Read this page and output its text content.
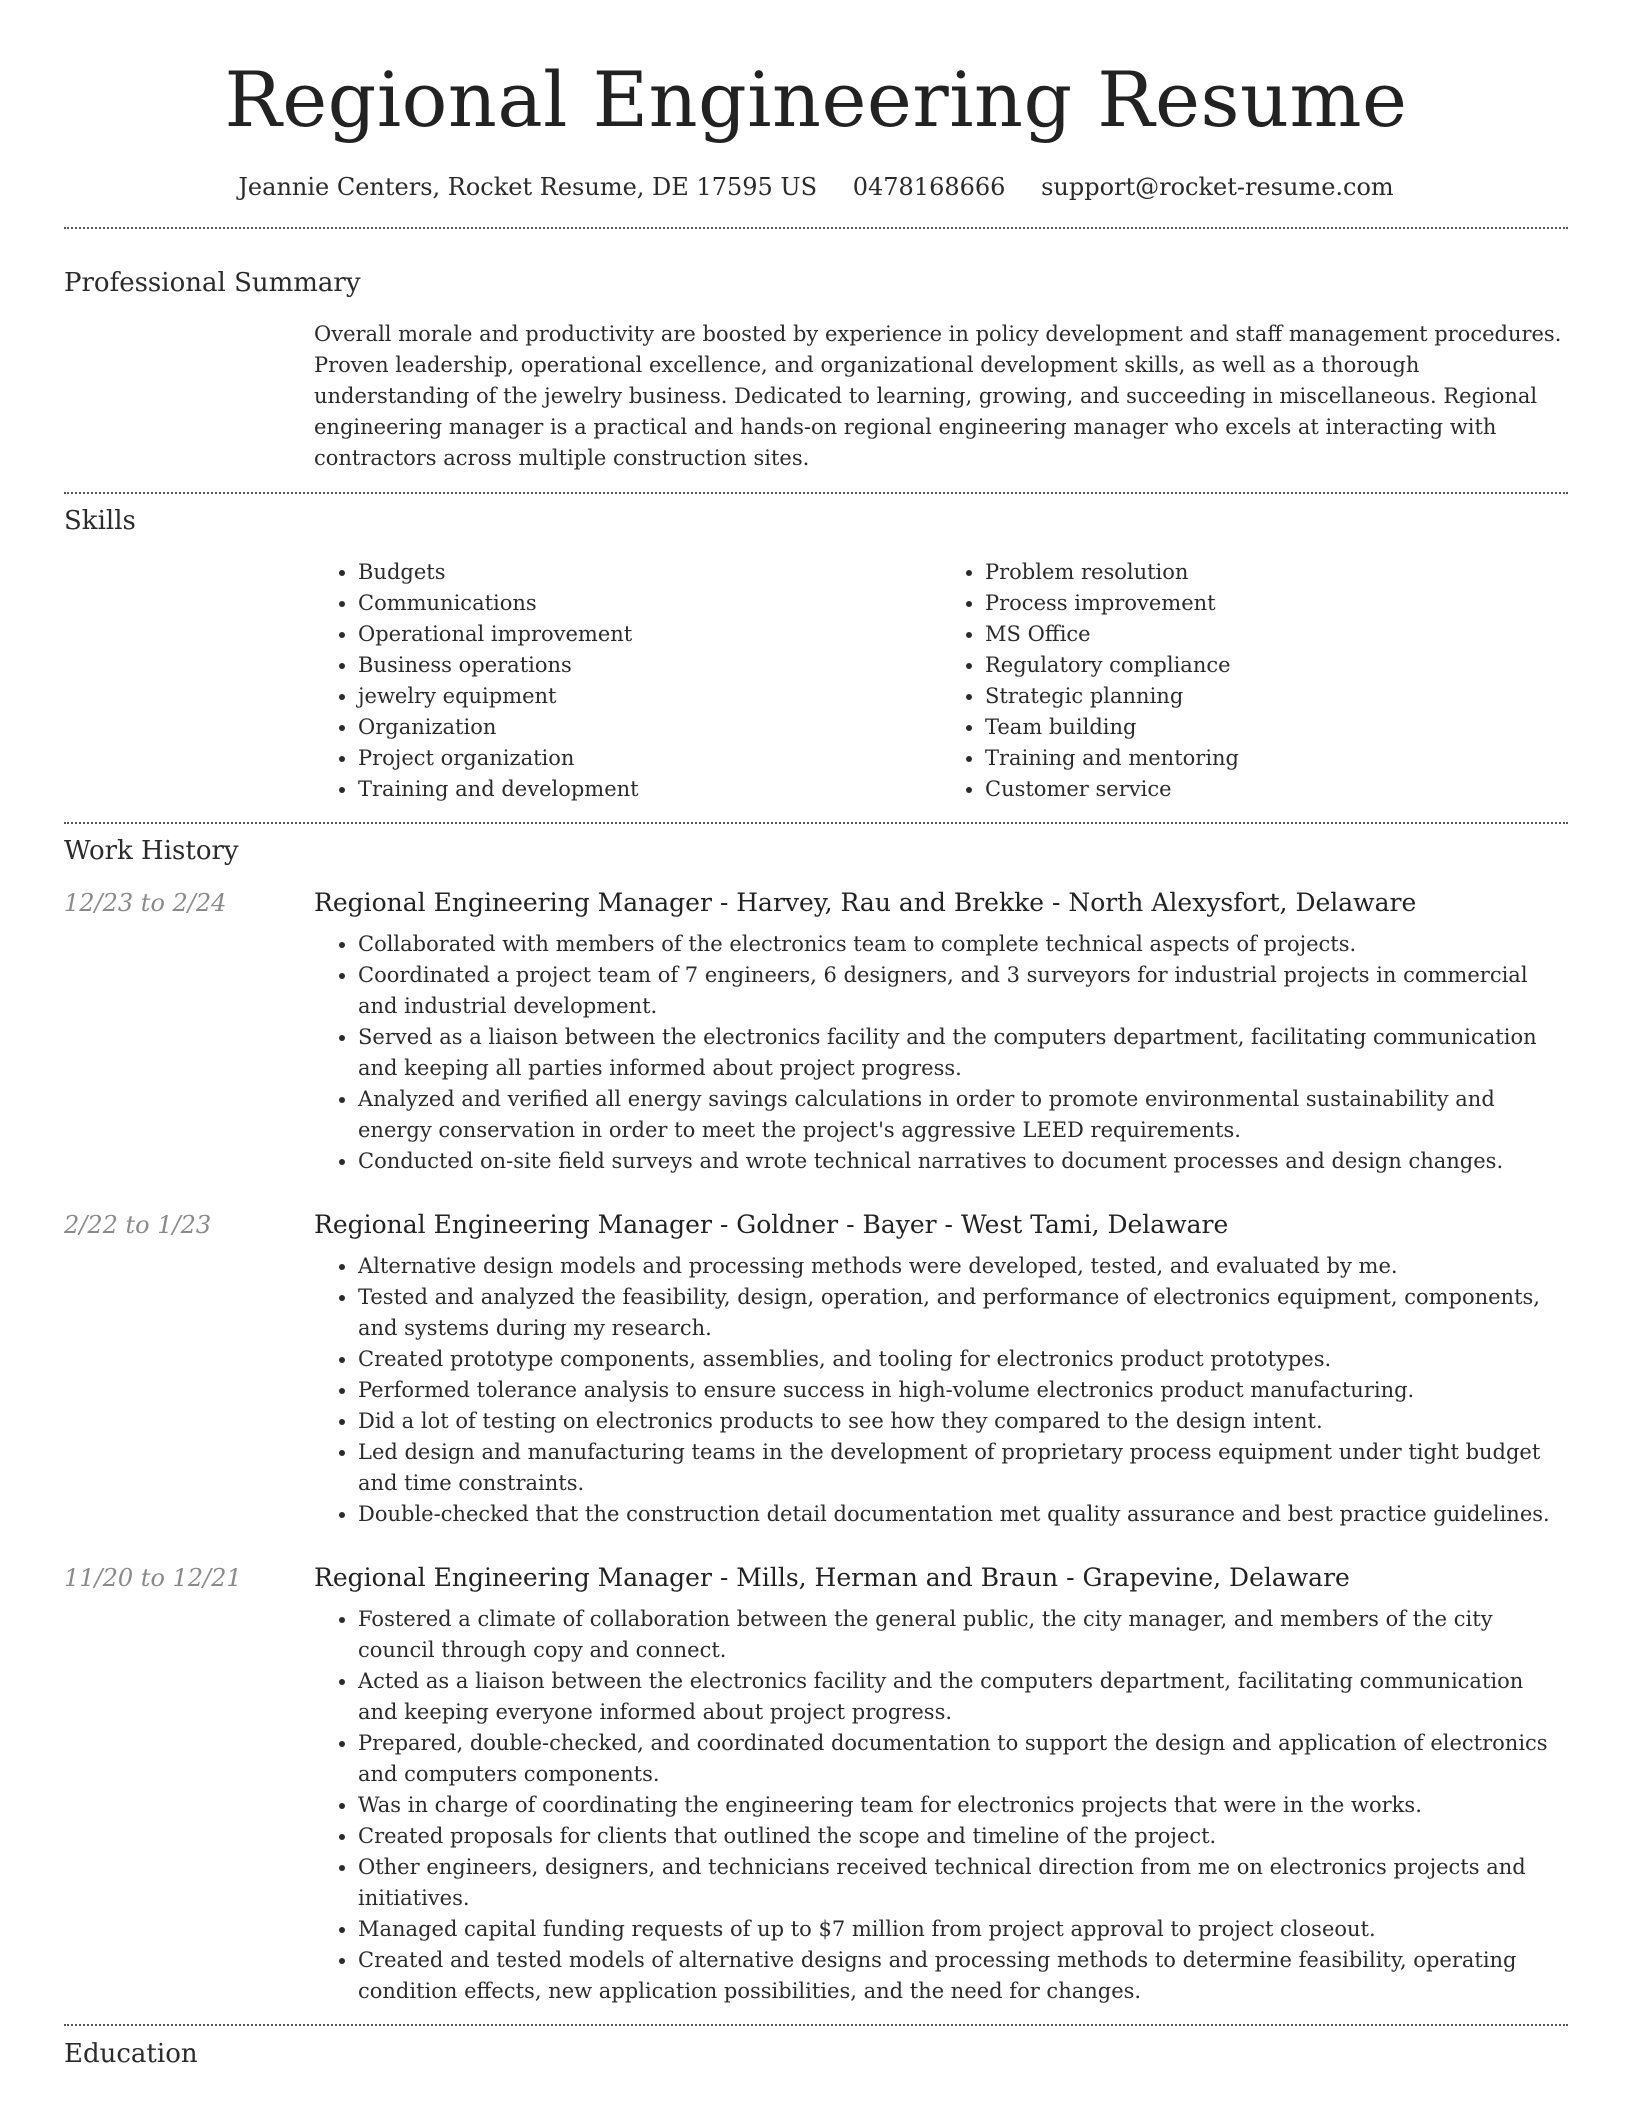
Regional Engineering Resume
Jeannie Centers, Rocket Resume, DE 17595 US 0478168666 support@rocket-resume.com
Professional Summary

Overall morale and productivity are boosted by experience in policy development and staff management procedures. Proven leadership, operational excellence, and organizational development skills, as well as a thorough understanding of the jewelry business. Dedicated to learning, growing, and succeeding in miscellaneous. Regional engineering manager is a practical and hands-on regional engineering manager who excels at interacting with contractors across multiple construction sites.

Skills
• Budgets
• Communications
• Operational improvement
• Business operations
• jewelry equipment
• Organization
• Project organization
• Training and development
• Problem resolution
• Process improvement
• MS Office
• Regulatory compliance
• Strategic planning
• Team building
• Training and mentoring
• Customer service
Work History
12/23 to 2/24	Regional Engineering Manager - Harvey, Rau and Brekke - North Alexysfort, Delaware
• Collaborated with members of the electronics team to complete technical aspects of projects.
• Coordinated a project team of 7 engineers, 6 designers, and 3 surveyors for industrial projects in commercial and industrial development.
• Served as a liaison between the electronics facility and the computers department, facilitating communication and keeping all parties informed about project progress.
• Analyzed and verified all energy savings calculations in order to promote environmental sustainability and energy conservation in order to meet the project's aggressive LEED requirements.
• Conducted on-site field surveys and wrote technical narratives to document processes and design changes.
2/22 to 1/23	Regional Engineering Manager - Goldner - Bayer - West Tami, Delaware
• Alternative design models and processing methods were developed, tested, and evaluated by me.
• Tested and analyzed the feasibility, design, operation, and performance of electronics equipment, components, and systems during my research.
• Created prototype components, assemblies, and tooling for electronics product prototypes.
• Performed tolerance analysis to ensure success in high-volume electronics product manufacturing.
• Did a lot of testing on electronics products to see how they compared to the design intent.
• Led design and manufacturing teams in the development of proprietary process equipment under tight budget and time constraints.
• Double-checked that the construction detail documentation met quality assurance and best practice guidelines.
11/20 to 12/21	Regional Engineering Manager - Mills, Herman and Braun - Grapevine, Delaware
• Fostered a climate of collaboration between the general public, the city manager, and members of the city council through copy and connect.
• Acted as a liaison between the electronics facility and the computers department, facilitating communication and keeping everyone informed about project progress.
• Prepared, double-checked, and coordinated documentation to support the design and application of electronics and computers components.
• Was in charge of coordinating the engineering team for electronics projects that were in the works.
• Created proposals for clients that outlined the scope and timeline of the project.
• Other engineers, designers, and technicians received technical direction from me on electronics projects and initiatives.
• Managed capital funding requests of up to $7 million from project approval to project closeout.
• Created and tested models of alternative designs and processing methods to determine feasibility, operating condition effects, new application possibilities, and the need for changes.
Education
